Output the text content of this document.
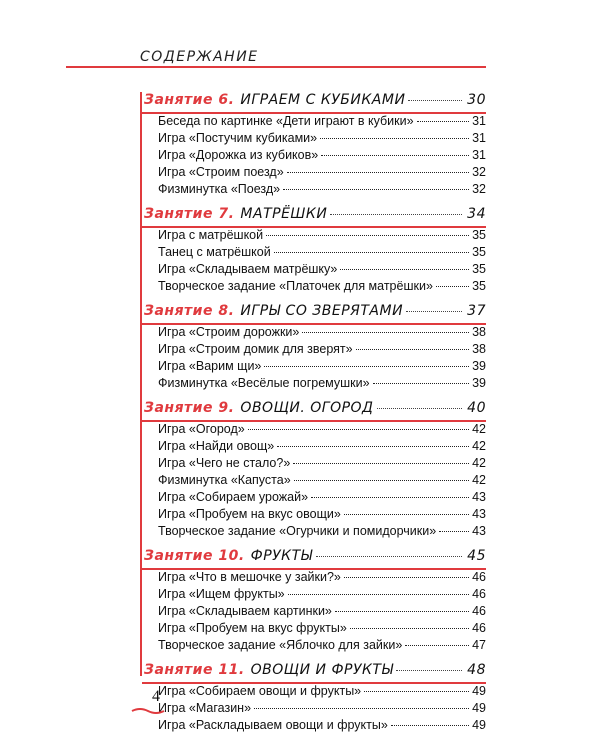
СОДЕРЖАНИЕ
Занятие 6. ИГРАЕМ С КУБИКАМИ	30
Беседа по картинке «Дети играют в кубики»	31
Игра «Постучим кубиками»	31
Игра «Дорожка из кубиков»	31
Игра «Строим поезд»	32
Физминутка «Поезд»	32
Занятие 7. МАТРЁШКИ	34
Игра с матрёшкой	35
Танец с матрёшкой	35
Игра «Складываем матрёшку»	35
Творческое задание «Платочек для матрёшки»	35
Занятие 8. ИГРЫ СО ЗВЕРЯТАМИ	37
Игра «Строим дорожки»	38
Игра «Строим домик для зверят»	38
Игра «Варим щи»	39
Физминутка «Весёлые погремушки»	39
Занятие 9. ОВОЩИ. ОГОРОД	40
Игра «Огород»	42
Игра «Найди овощ»	42
Игра «Чего не стало?»	42
Физминутка «Капуста»	42
Игра «Собираем урожай»	43
Игра «Пробуем на вкус овощи»	43
Творческое задание «Огурчики и помидорчики»	43
Занятие 10. ФРУКТЫ	45
Игра «Что в мешочке у зайки?»	46
Игра «Ищем фрукты»	46
Игра «Складываем картинки»	46
Игра «Пробуем на вкус фрукты»	46
Творческое задание «Яблочко для зайки»	47
Занятие 11. ОВОЩИ И ФРУКТЫ	48
Игра «Собираем овощи и фрукты»	49
Игра «Магазин»	49
Игра «Раскладываем овощи и фрукты»	49
4
